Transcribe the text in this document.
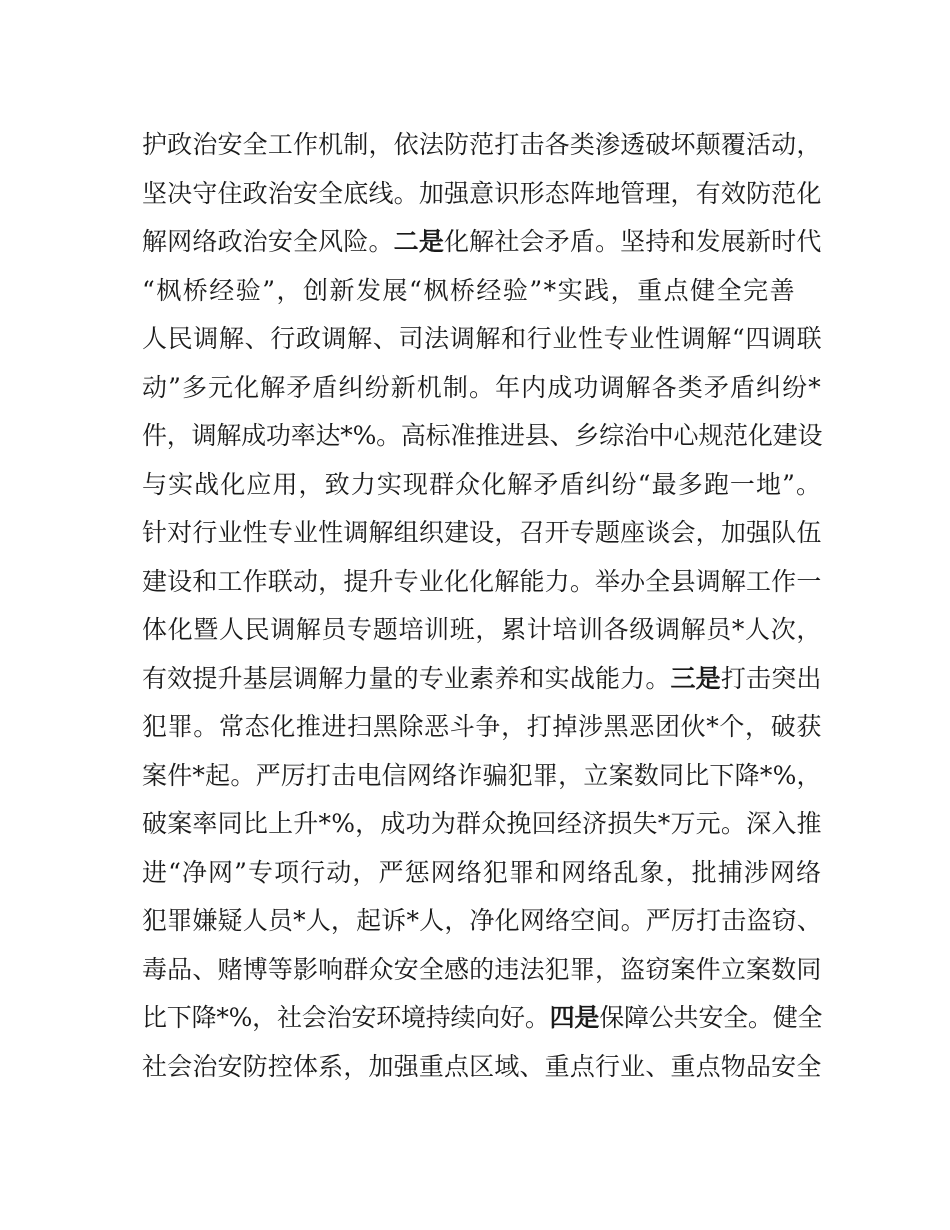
护政治安全工作机制，依法防范打击各类渗透破坏颠覆活动，
坚决守住政治安全底线。加强意识形态阵地管理，有效防范化
解网络政治安全风险。二是化解社会矛盾。坚持和发展新时代
“枫桥经验”，创新发展“枫桥经验”*实践，重点健全完善
人民调解、行政调解、司法调解和行业性专业性调解“四调联
动”多元化解矛盾纠纷新机制。年内成功调解各类矛盾纠纷*
件，调解成功率达*%。高标准推进县、乡综治中心规范化建设
与实战化应用，致力实现群众化解矛盾纠纷“最多跑一地”。
针对行业性专业性调解组织建设，召开专题座谈会，加强队伍
建设和工作联动，提升专业化化解能力。举办全县调解工作一
体化暨人民调解员专题培训班，累计培训各级调解员*人次，
有效提升基层调解力量的专业素养和实战能力。三是打击突出
犯罪。常态化推进扫黑除恶斗争，打掉涉黑恶团伙*个，破获
案件*起。严厉打击电信网络诈骗犯罪，立案数同比下降*%，
破案率同比上升*%，成功为群众挽回经济损失*万元。深入推
进“净网”专项行动，严惩网络犯罪和网络乱象，批捕涉网络
犯罪嫌疑人员*人，起诉*人，净化网络空间。严厉打击盗窃、
毒品、赌博等影响群众安全感的违法犯罪，盗窃案件立案数同
比下降*%，社会治安环境持续向好。四是保障公共安全。健全
社会治安防控体系，加强重点区域、重点行业、重点物品安全
